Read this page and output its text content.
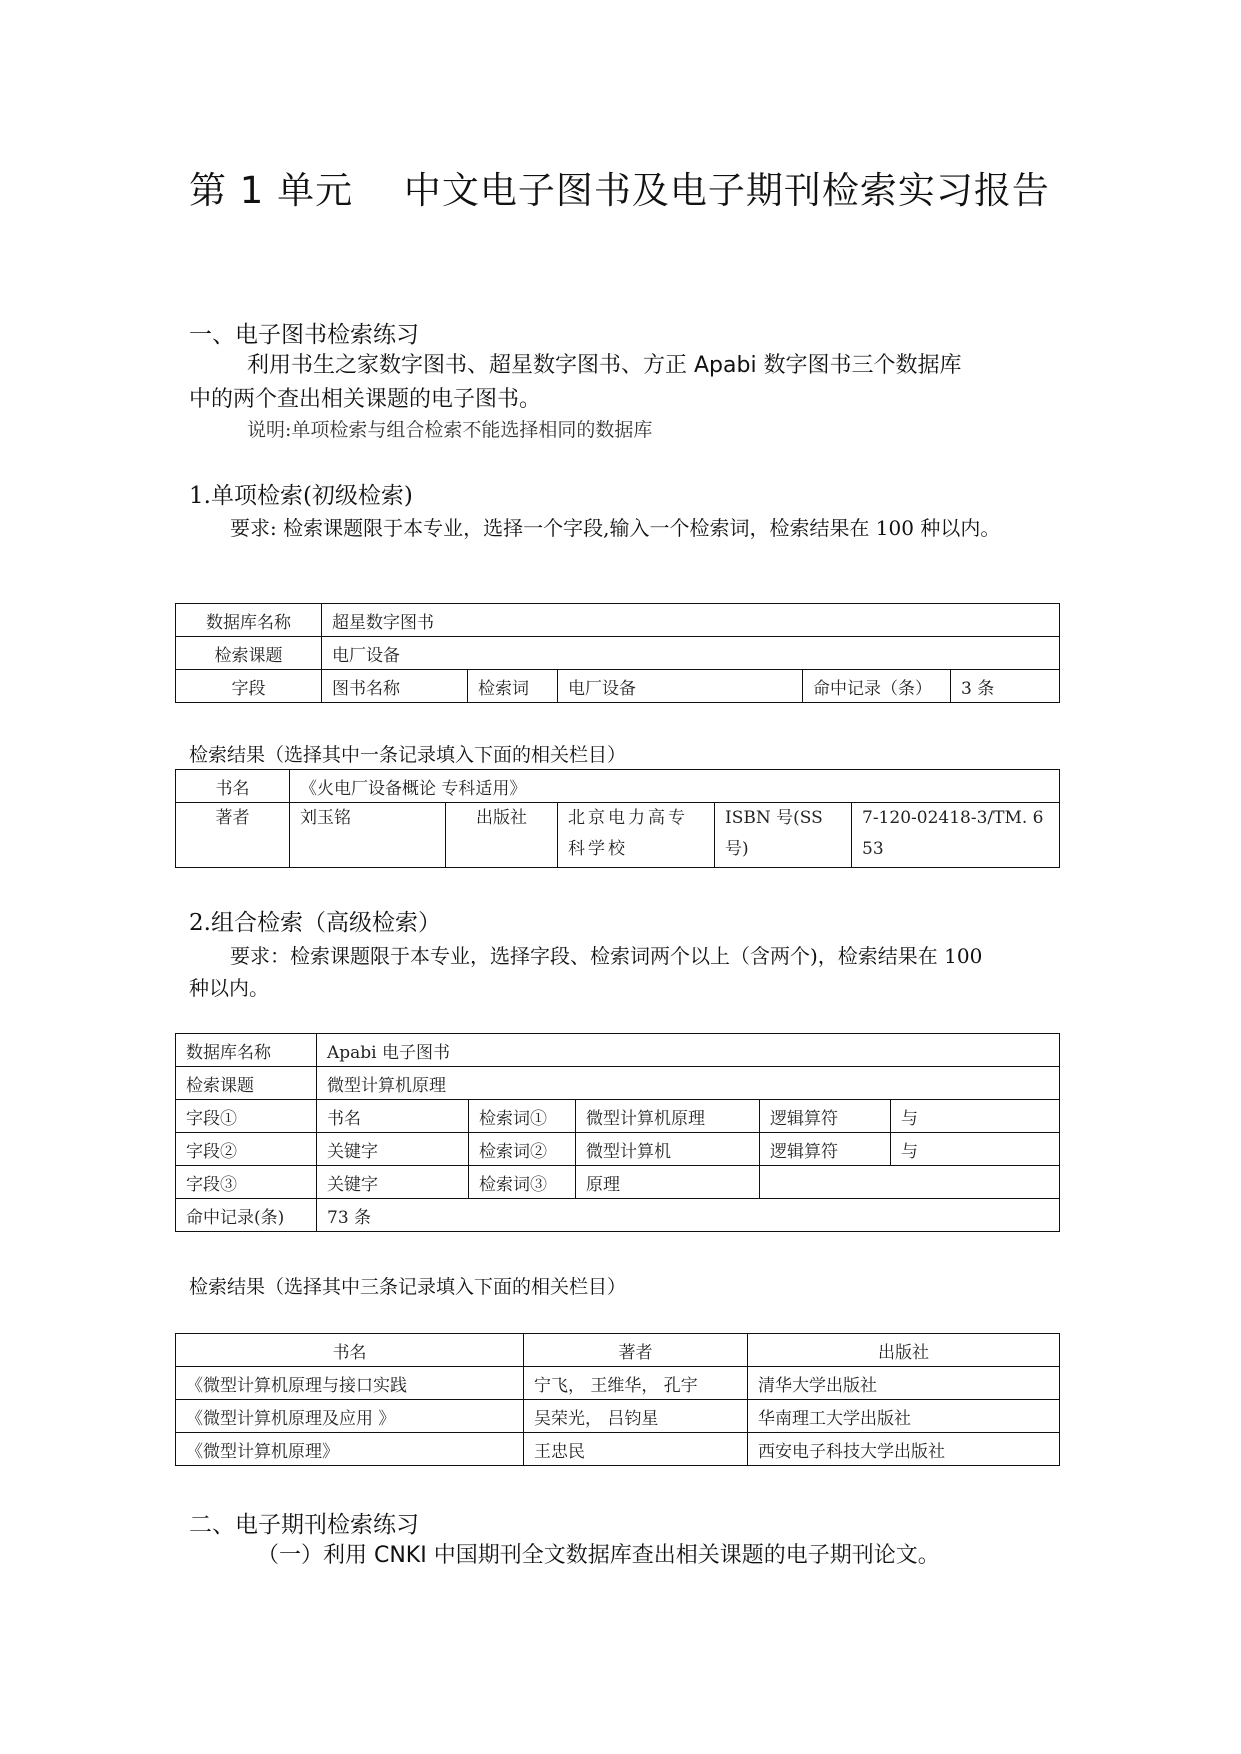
第 1 单元　 中文电子图书及电子期刊检索实习报告
一、电子图书检索练习
利用书生之家数字图书、超星数字图书、方正 Apabi 数字图书三个数据库
中的两个查出相关课题的电子图书。
说明:单项检索与组合检索不能选择相同的数据库
1.单项检索(初级检索)
要求: 检索课题限于本专业，选择一个字段,输入一个检索词，检索结果在 100 种以内。
数据库名称	超星数字图书				
检索课题	电厂设备				
字段	图书名称	检索词	电厂设备	命中记录（条）	3 条
检索结果（选择其中一条记录填入下面的相关栏目）
书名	《火电厂设备概论 专科适用》				
著者	刘玉铭	出版社	北京电力高专科学校	ISBN 号(SS 号)	7-120-02418-3/TM. 653
2.组合检索（高级检索）
要求：检索课题限于本专业，选择字段、检索词两个以上（含两个)，检索结果在 100
种以内。
数据库名称	Apabi 电子图书				
检索课题	微型计算机原理				
字段①	书名	检索词①	微型计算机原理	逻辑算符	与
字段②	关键字	检索词②	微型计算机	逻辑算符	与
字段③	关键字	检索词③	原理		
命中记录(条)	73 条				
检索结果（选择其中三条记录填入下面的相关栏目）
书名	著者	出版社
《微型计算机原理与接口实践	宁飞， 王维华， 孔宇	清华大学出版社
《微型计算机原理及应用 》	吴荣光， 吕钧星	华南理工大学出版社
《微型计算机原理》	王忠民	西安电子科技大学出版社
二、电子期刊检索练习
（一）利用 CNKI 中国期刊全文数据库查出相关课题的电子期刊论文。
